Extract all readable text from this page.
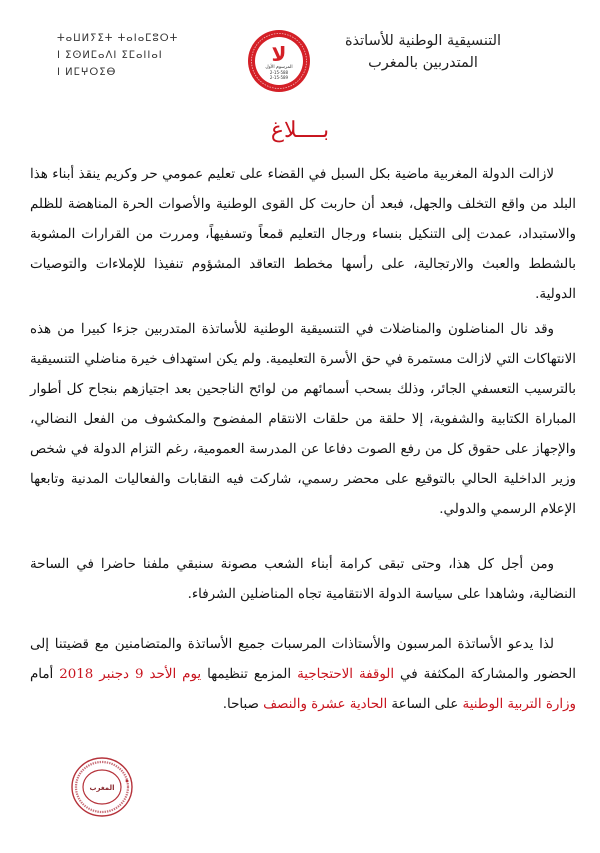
ⵜⴰⵡⵍⵢⵉⵜ ⵜⴰⵏⴰⵎⵓⵔⵜ
ⵏ ⵉⵙⵍⵎⴰⴷⵏ ⵉⵎⴰⵏⵏⴰⵏ
ⵏ ⵍⵎⵖⵔⵉⴱ
لا
المرسوم الأول
2-15-588
2-15-589
التنسيقية الوطنية للأساتذة
المتدربين بالمغرب
بــــلاغ

لازالت الدولة المغربية ماضية بكل السبل في القضاء على تعليم عمومي حر وكريم ينقذ أبناء هذا البلد من واقع التخلف والجهل، فبعد أن حاربت كل القوى الوطنية والأصوات الحرة المناهضة للظلم والاستبداد، عمدت إلى التنكيل بنساء ورجال التعليم قمعاً وتسفيهاً، ومررت من القرارات المشوبة بالشطط والعبث والارتجالية، على رأسها مخطط التعاقد المشؤوم تنفيذا للإملاءات والتوصيات الدولية.

وقد نال المناضلون والمناضلات في التنسيقية الوطنية للأساتذة المتدربين جزءا كبيرا من هذه الانتهاكات التي لازالت مستمرة في حق الأسرة التعليمية. ولم يكن استهداف خيرة مناضلي التنسيقية بالترسيب التعسفي الجائر، وذلك بسحب أسمائهم من لوائح الناجحين بعد اجتيازهم بنجاح كل أطوار المباراة الكتابية والشفوية، إلا حلقة من حلقات الانتقام المفضوح والمكشوف من الفعل النضالي، والإجهاز على حقوق كل من رفع الصوت دفاعا عن المدرسة العمومية، رغم التزام الدولة في شخص وزير الداخلية الحالي بالتوقيع على محضر رسمي، شاركت فيه النقابات والفعاليات المدنية وتابعها الإعلام الرسمي والدولي.

ومن أجل كل هذا، وحتى تبقى كرامة أبناء الشعب مصونة سنبقي ملفنا حاضرا في الساحة النضالية، وشاهدا على سياسة الدولة الانتقامية تجاه المناضلين الشرفاء.

لذا يدعو الأساتذة المرسبون والأستاذات المرسبات جميع الأساتذة والمتضامنين مع قضيتنا إلى الحضور والمشاركة المكثفة في الوقفة الاحتجاجية المزمع تنظيمها يوم الأحد 9 دجنبر 2018 أمام وزارة التربية الوطنية على الساعة الحادية عشرة والنصف صباحا.

المغرب
